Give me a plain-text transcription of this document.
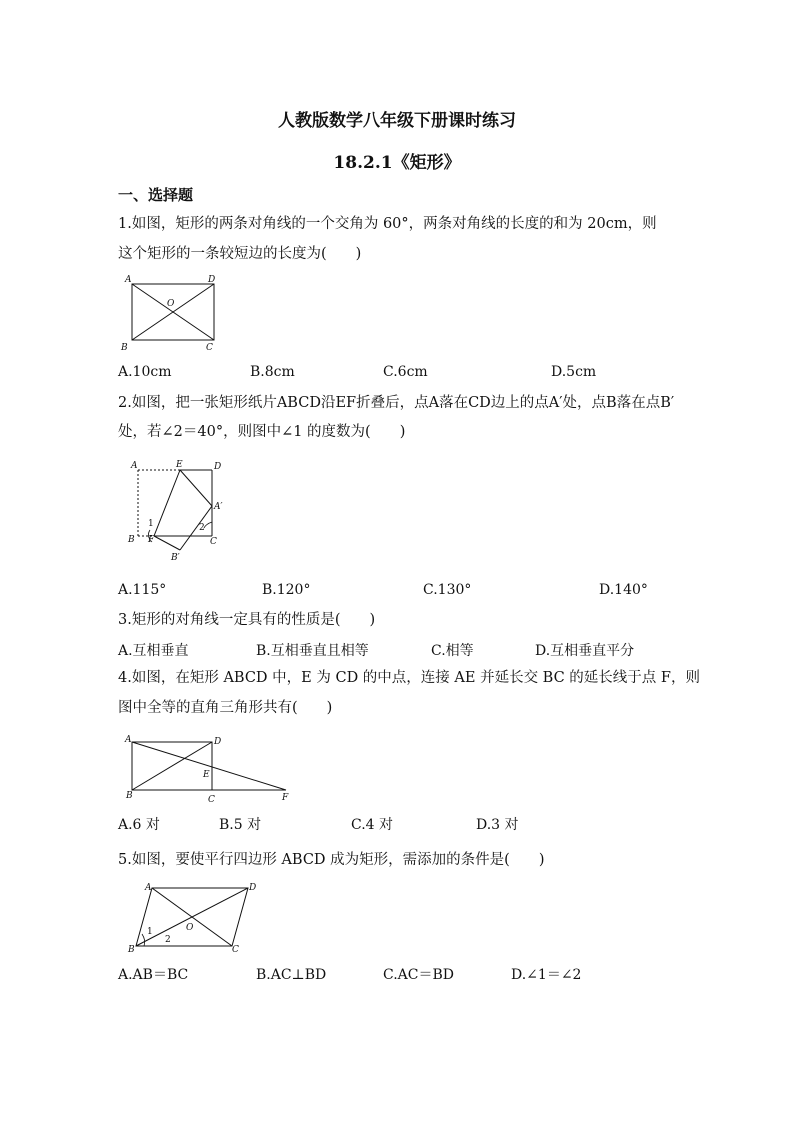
人教版数学八年级下册课时练习
18.2.1《矩形》
一、选择题
1.如图，矩形的两条对角线的一个交角为 60°，两条对角线的长度的和为 20cm，则
这个矩形的一条较短边的长度为(　　)
A	D
O
B	C
A.10cm	B.8cm	C.6cm	D.5cm
2.如图，把一张矩形纸片ABCD沿EF折叠后，点A落在CD边上的点A′处，点B落在点B′
处，若∠2＝40°，则图中∠1 的度数为(　　)
A	E	D
A′
1	2
B F	C
B′
A.115°	B.120°	C.130°	D.140°
3.矩形的对角线一定具有的性质是(　　)
A.互相垂直	B.互相垂直且相等	C.相等	D.互相垂直平分
4.如图，在矩形 ABCD 中，E 为 CD 的中点，连接 AE 并延长交 BC 的延长线于点 F，则
图中全等的直角三角形共有(　　)
A	D
E
B	C	F
A.6 对	B.5 对	C.4 对	D.3 对
5.如图，要使平行四边形 ABCD 成为矩形，需添加的条件是(　　)
A	D
O
1
2
B	C
A.AB＝BC	B.AC⊥BD	C.AC＝BD	D.∠1＝∠2
